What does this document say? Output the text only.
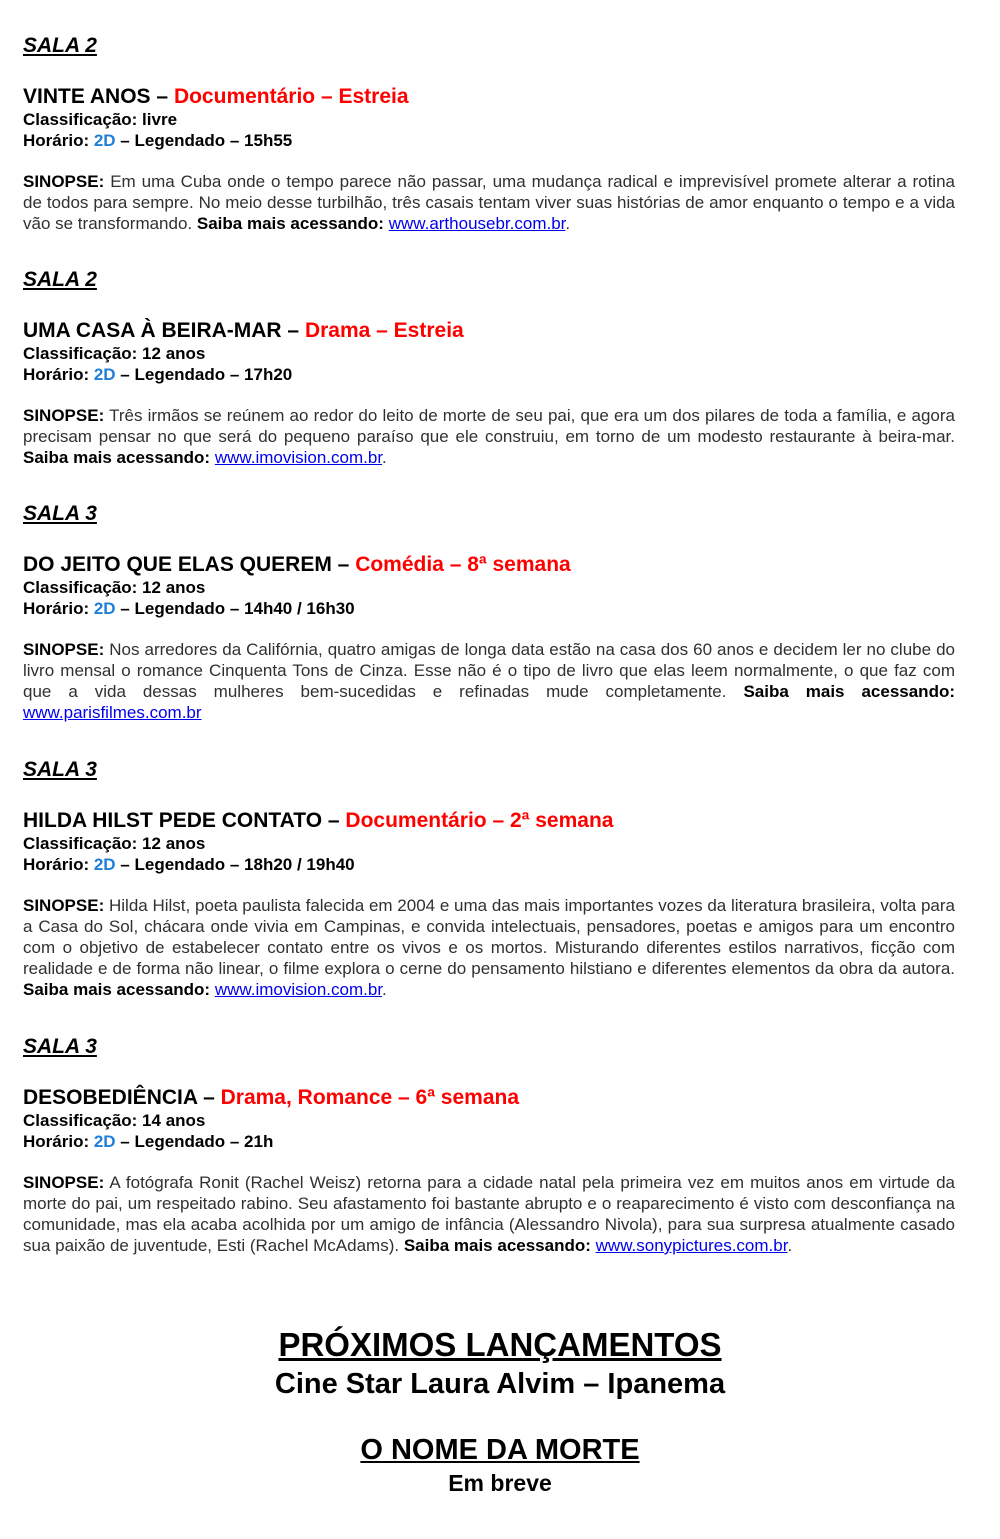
SALA 2
VINTE ANOS – Documentário – Estreia
Classificação: livre
Horário: 2D – Legendado – 15h55
SINOPSE: Em uma Cuba onde o tempo parece não passar, uma mudança radical e imprevisível promete alterar a rotina de todos para sempre. No meio desse turbilhão, três casais tentam viver suas histórias de amor enquanto o tempo e a vida vão se transformando. Saiba mais acessando: www.arthousebr.com.br.
SALA 2
UMA CASA À BEIRA-MAR – Drama – Estreia
Classificação: 12 anos
Horário: 2D – Legendado – 17h20
SINOPSE: Três irmãos se reúnem ao redor do leito de morte de seu pai, que era um dos pilares de toda a família, e agora precisam pensar no que será do pequeno paraíso que ele construiu, em torno de um modesto restaurante à beira-mar. Saiba mais acessando: www.imovision.com.br.
SALA 3
DO JEITO QUE ELAS QUEREM – Comédia – 8ª semana
Classificação: 12 anos
Horário: 2D – Legendado – 14h40 / 16h30
SINOPSE: Nos arredores da Califórnia, quatro amigas de longa data estão na casa dos 60 anos e decidem ler no clube do livro mensal o romance Cinquenta Tons de Cinza. Esse não é o tipo de livro que elas leem normalmente, o que faz com que a vida dessas mulheres bem-sucedidas e refinadas mude completamente. Saiba mais acessando: www.parisfilmes.com.br
SALA 3
HILDA HILST PEDE CONTATO – Documentário – 2ª semana
Classificação: 12 anos
Horário: 2D – Legendado – 18h20 / 19h40
SINOPSE: Hilda Hilst, poeta paulista falecida em 2004 e uma das mais importantes vozes da literatura brasileira, volta para a Casa do Sol, chácara onde vivia em Campinas, e convida intelectuais, pensadores, poetas e amigos para um encontro com o objetivo de estabelecer contato entre os vivos e os mortos. Misturando diferentes estilos narrativos, ficção com realidade e de forma não linear, o filme explora o cerne do pensamento hilstiano e diferentes elementos da obra da autora. Saiba mais acessando: www.imovision.com.br.
SALA 3
DESOBEDIÊNCIA – Drama, Romance – 6ª semana
Classificação: 14 anos
Horário: 2D – Legendado – 21h
SINOPSE: A fotógrafa Ronit (Rachel Weisz) retorna para a cidade natal pela primeira vez em muitos anos em virtude da morte do pai, um respeitado rabino. Seu afastamento foi bastante abrupto e o reaparecimento é visto com desconfiança na comunidade, mas ela acaba acolhida por um amigo de infância (Alessandro Nivola), para sua surpresa atualmente casado sua paixão de juventude, Esti (Rachel McAdams). Saiba mais acessando: www.sonypictures.com.br.
PRÓXIMOS LANÇAMENTOS
Cine Star Laura Alvim – Ipanema
O NOME DA MORTE
Em breve
